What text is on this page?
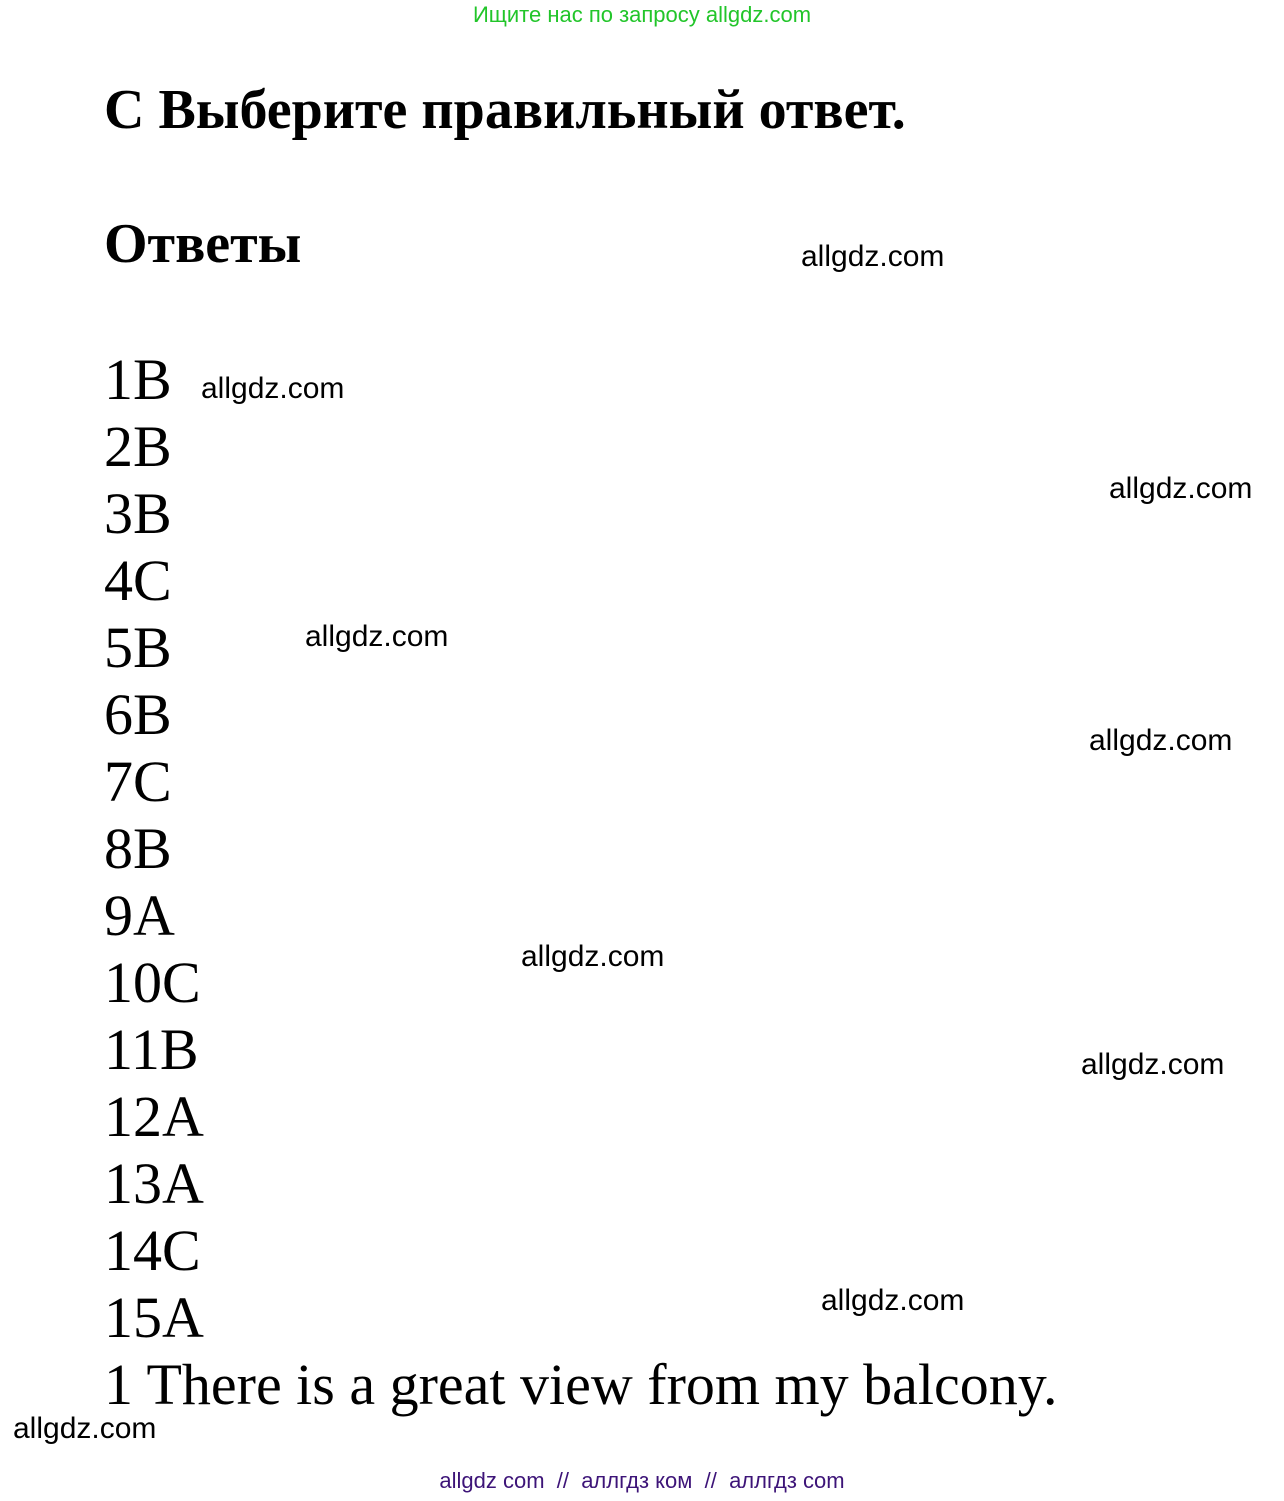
Ищите нас по запросу allgdz.com
C Выберите правильный ответ.
Ответы
1B
2B
3B
4C
5B
6B
7C
8B
9A
10C
11B
12A
13A
14C
15A
1 There is a great view from my balcony.
allgdz.com
allgdz.com
allgdz.com
allgdz.com
allgdz.com
allgdz.com
allgdz.com
allgdz.com
allgdz.com
allgdz com  //  аллгдз ком  //  аллгдз com
